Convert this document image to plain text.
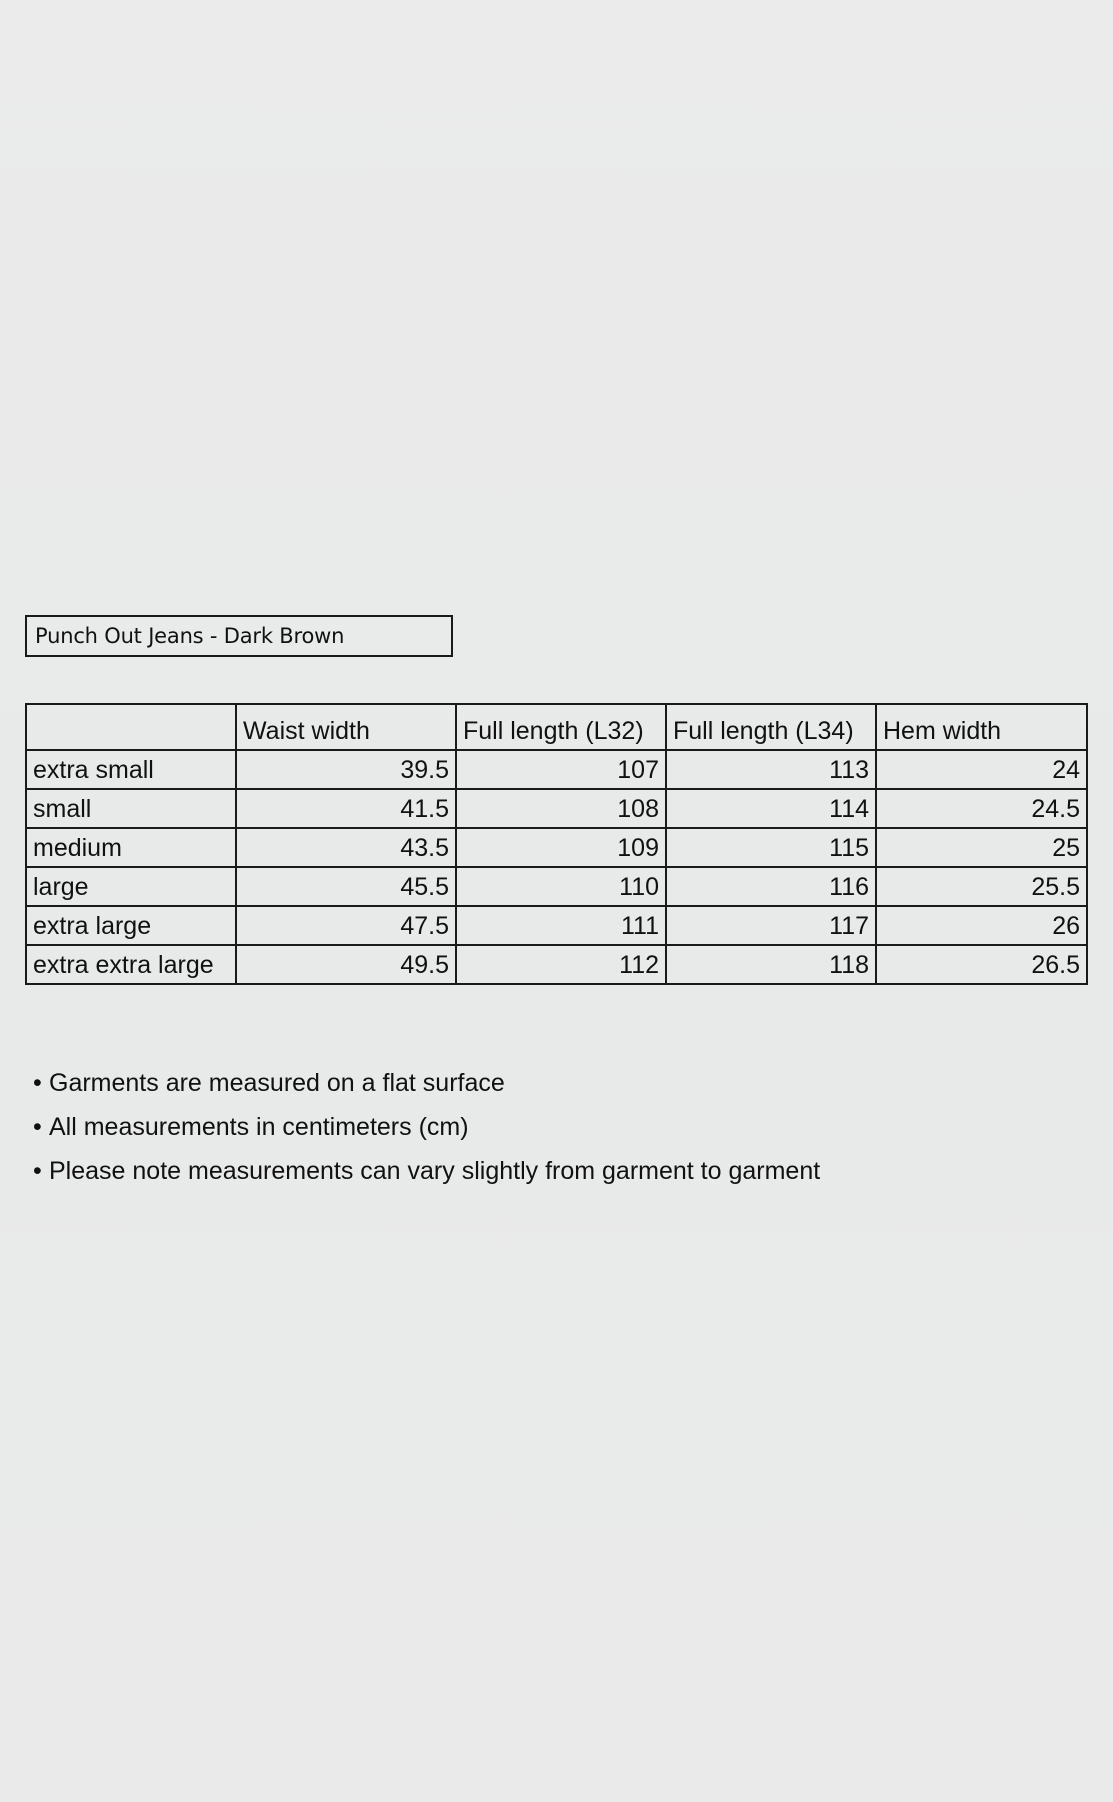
Punch Out Jeans - Dark Brown
	Waist width	Full length (L32)	Full length (L34)	Hem width
extra small	39.5	107	113	24
small	41.5	108	114	24.5
medium	43.5	109	115	25
large	45.5	110	116	25.5
extra large	47.5	111	117	26
extra extra large	49.5	112	118	26.5
• Garments are measured on a flat surface
• All measurements in centimeters (cm)
• Please note measurements can vary slightly from garment to garment
